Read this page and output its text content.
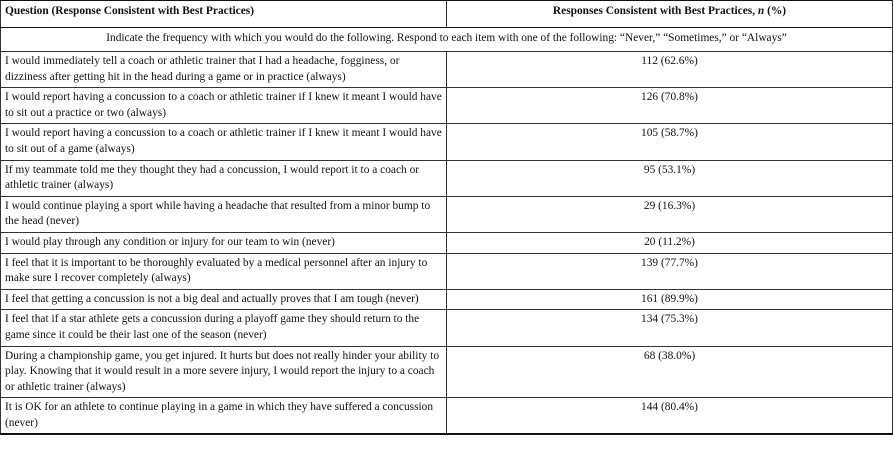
Question (Response Consistent with Best Practices)	Responses Consistent with Best Practices, n (%)
Indicate the frequency with which you would do the following. Respond to each item with one of the following: “Never,” “Sometimes,” or “Always”	
I would immediately tell a coach or athletic trainer that I had a headache, fogginess, or dizziness after getting hit in the head during a game or in practice (always)	112 (62.6%)
I would report having a concussion to a coach or athletic trainer if I knew it meant I would have to sit out a practice or two (always)	126 (70.8%)
I would report having a concussion to a coach or athletic trainer if I knew it meant I would have to sit out of a game (always)	105 (58.7%)
If my teammate told me they thought they had a concussion, I would report it to a coach or athletic trainer (always)	95 (53.1%)
I would continue playing a sport while having a headache that resulted from a minor bump to the head (never)	29 (16.3%)
I would play through any condition or injury for our team to win (never)	20 (11.2%)
I feel that it is important to be thoroughly evaluated by a medical personnel after an injury to make sure I recover completely (always)	139 (77.7%)
I feel that getting a concussion is not a big deal and actually proves that I am tough (never)	161 (89.9%)
I feel that if a star athlete gets a concussion during a playoff game they should return to the game since it could be their last one of the season (never)	134 (75.3%)
During a championship game, you get injured. It hurts but does not really hinder your ability to play. Knowing that it would result in a more severe injury, I would report the injury to a coach or athletic trainer (always)	68 (38.0%)
It is OK for an athlete to continue playing in a game in which they have suffered a concussion (never)	144 (80.4%)
